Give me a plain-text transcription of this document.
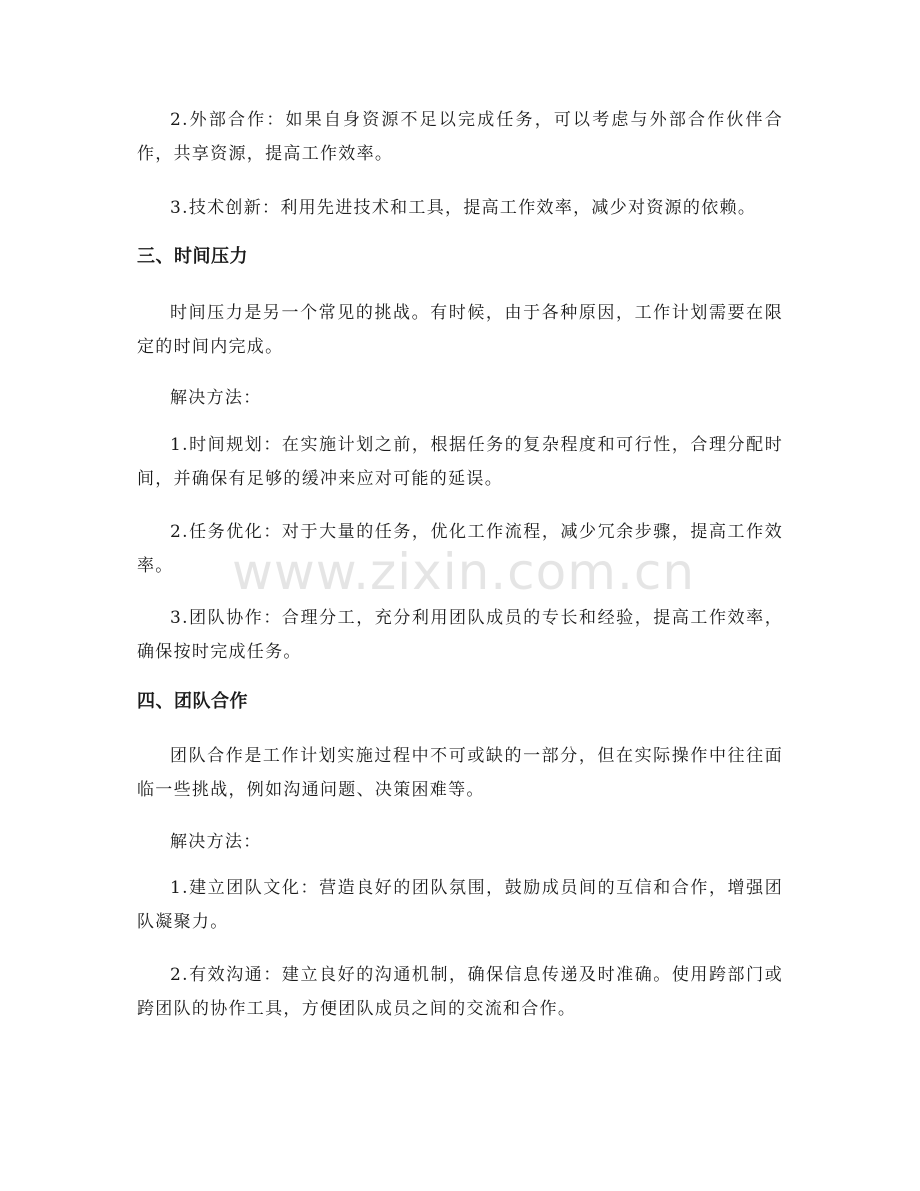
2.外部合作：如果自身资源不足以完成任务，可以考虑与外部合作伙伴合作，共享资源，提高工作效率。

3.技术创新：利用先进技术和工具，提高工作效率，减少对资源的依赖。

三、时间压力

时间压力是另一个常见的挑战。有时候，由于各种原因，工作计划需要在限定的时间内完成。

解决方法：

1.时间规划：在实施计划之前，根据任务的复杂程度和可行性，合理分配时间，并确保有足够的缓冲来应对可能的延误。

2.任务优化：对于大量的任务，优化工作流程，减少冗余步骤，提高工作效率。

3.团队协作：合理分工，充分利用团队成员的专长和经验，提高工作效率，确保按时完成任务。

四、团队合作

团队合作是工作计划实施过程中不可或缺的一部分，但在实际操作中往往面临一些挑战，例如沟通问题、决策困难等。

解决方法：

1.建立团队文化：营造良好的团队氛围，鼓励成员间的互信和合作，增强团队凝聚力。

2.有效沟通：建立良好的沟通机制，确保信息传递及时准确。使用跨部门或跨团队的协作工具，方便团队成员之间的交流和合作。

www.zixin.com.cn
